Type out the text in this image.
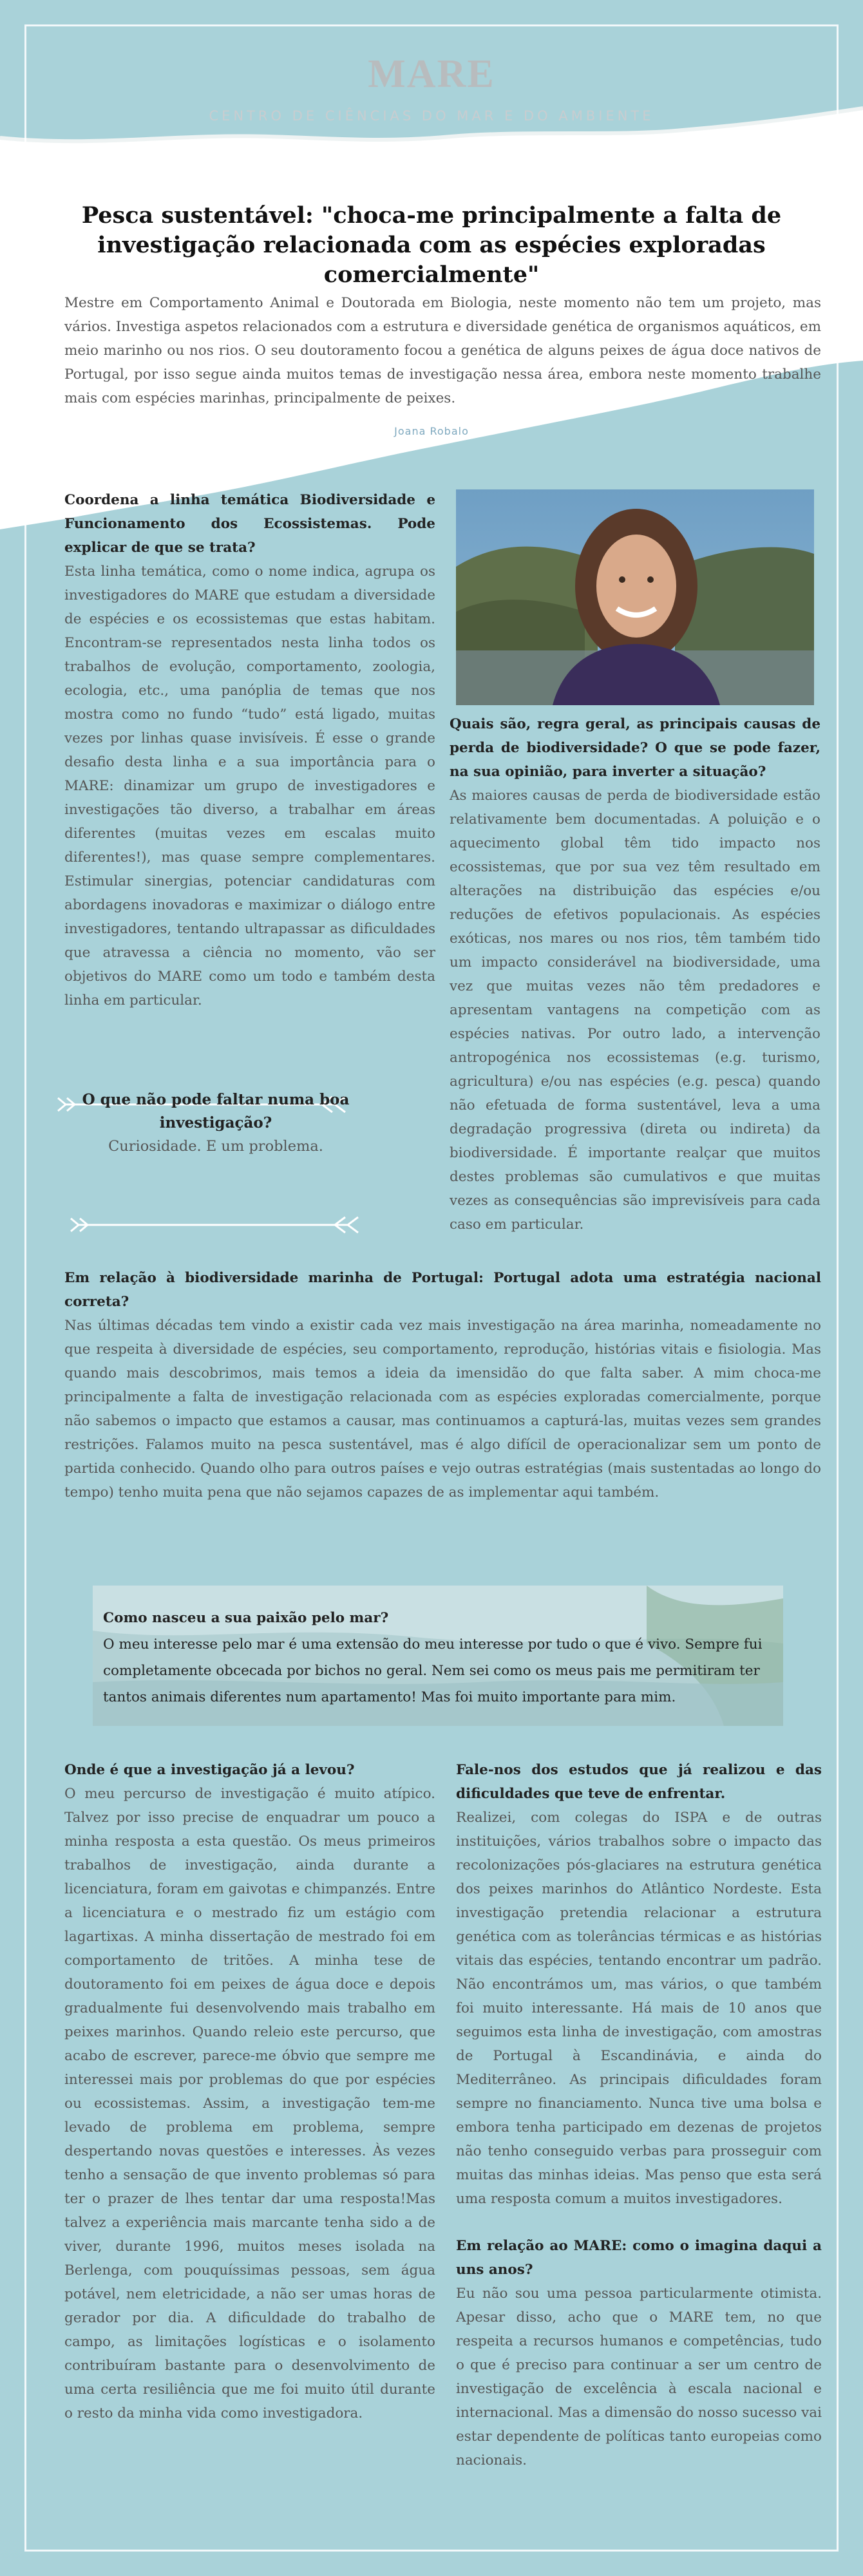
MARE
CENTRO DE CIÊNCIAS DO MAR E DO AMBIENTE
Pesca sustentável: "choca-me principalmente a falta de investigação relacionada com as espécies exploradas comercialmente"

Mestre em Comportamento Animal e Doutorada em Biologia, neste momento não tem um projeto, mas vários. Investiga aspetos relacionados com a estrutura e diversidade genética de organismos aquáticos, em meio marinho ou nos rios. O seu doutoramento focou a genética de alguns peixes de água doce nativos de Portugal, por isso segue ainda muitos temas de investigação nessa área, embora neste momento trabalhe mais com espécies marinhas, principalmente de peixes.

Joana Robalo
Coordena a linha temática Biodiversidade e Funcionamento dos Ecossistemas. Pode explicar de que se trata?
Esta linha temática, como o nome indica, agrupa os investigadores do MARE que estudam a diversidade de espécies e os ecossistemas que estas habitam. Encontram-se representados nesta linha todos os trabalhos de evolução, comportamento, zoologia, ecologia, etc., uma panóplia de temas que nos mostra como no fundo “tudo” está ligado, muitas vezes por linhas quase invisíveis. É esse o grande desafio desta linha e a sua importância para o MARE: dinamizar um grupo de investigadores e investigações tão diverso, a trabalhar em áreas diferentes (muitas vezes em escalas muito diferentes!), mas quase sempre complementares. Estimular sinergias, potenciar candidaturas com abordagens inovadoras e maximizar o diálogo entre investigadores, tentando ultrapassar as dificuldades que atravessa a ciência no momento, vão ser objetivos do MARE como um todo e também desta linha em particular.
Quais são, regra geral, as principais causas de perda de biodiversidade? O que se pode fazer, na sua opinião, para inverter a situação?
As maiores causas de perda de biodiversidade estão relativamente bem documentadas. A poluição e o aquecimento global têm tido impacto nos ecossistemas, que por sua vez têm resultado em alterações na distribuição das espécies e/ou reduções de efetivos populacionais. As espécies exóticas, nos mares ou nos rios, têm também tido um impacto considerável na biodiversidade, uma vez que muitas vezes não têm predadores e apresentam vantagens na competição com as espécies nativas. Por outro lado, a intervenção antropogénica nos ecossistemas (e.g. turismo, agricultura) e/ou nas espécies (e.g. pesca) quando não efetuada de forma sustentável, leva a uma degradação progressiva (direta ou indireta) da biodiversidade. É importante realçar que muitos destes problemas são cumulativos e que muitas vezes as consequências são imprevisíveis para cada caso em particular.
O que não pode faltar numa boa investigação?
Curiosidade. E um problema.
Em relação à biodiversidade marinha de Portugal: Portugal adota uma estratégia nacional correta?
Nas últimas décadas tem vindo a existir cada vez mais investigação na área marinha, nomeadamente no que respeita à diversidade de espécies, seu comportamento, reprodução, histórias vitais e fisiologia. Mas quando mais descobrimos, mais temos a ideia da imensidão do que falta saber. A mim choca-me principalmente a falta de investigação relacionada com as espécies exploradas comercialmente, porque não sabemos o impacto que estamos a causar, mas continuamos a capturá-las, muitas vezes sem grandes restrições. Falamos muito na pesca sustentável, mas é algo difícil de operacionalizar sem um ponto de partida conhecido. Quando olho para outros países e vejo outras estratégias (mais sustentadas ao longo do tempo) tenho muita pena que não sejamos capazes de as implementar aqui também.
Como nasceu a sua paixão pelo mar?
O meu interesse pelo mar é uma extensão do meu interesse por tudo o que é vivo. Sempre fui completamente obcecada por bichos no geral. Nem sei como os meus pais me permitiram ter tantos animais diferentes num apartamento! Mas foi muito importante para mim.
Onde é que a investigação já a levou?
O meu percurso de investigação é muito atípico. Talvez por isso precise de enquadrar um pouco a minha resposta a esta questão. Os meus primeiros trabalhos de investigação, ainda durante a licenciatura, foram em gaivotas e chimpanzés. Entre a licenciatura e o mestrado fiz um estágio com lagartixas. A minha dissertação de mestrado foi em comportamento de tritões. A minha tese de doutoramento foi em peixes de água doce e depois gradualmente fui desenvolvendo mais trabalho em peixes marinhos. Quando releio este percurso, que acabo de escrever, parece-me óbvio que sempre me interessei mais por problemas do que por espécies ou ecossistemas. Assim, a investigação tem-me levado de problema em problema, sempre despertando novas questões e interesses. Às vezes tenho a sensação de que invento problemas só para ter o prazer de lhes tentar dar uma resposta!Mas talvez a experiência mais marcante tenha sido a de viver, durante 1996, muitos meses isolada na Berlenga, com pouquíssimas pessoas, sem água potável, nem eletricidade, a não ser umas horas de gerador por dia. A dificuldade do trabalho de campo, as limitações logísticas e o isolamento contribuíram bastante para o desenvolvimento de uma certa resiliência que me foi muito útil durante o resto da minha vida como investigadora.
Fale-nos dos estudos que já realizou e das dificuldades que teve de enfrentar.
Realizei, com colegas do ISPA e de outras instituições, vários trabalhos sobre o impacto das recolonizações pós-glaciares na estrutura genética dos peixes marinhos do Atlântico Nordeste. Esta investigação pretendia relacionar a estrutura genética com as tolerâncias térmicas e as histórias vitais das espécies, tentando encontrar um padrão. Não encontrámos um, mas vários, o que também foi muito interessante. Há mais de 10 anos que seguimos esta linha de investigação, com amostras de Portugal à Escandinávia, e ainda do Mediterrâneo. As principais dificuldades foram sempre no financiamento. Nunca tive uma bolsa e embora tenha participado em dezenas de projetos não tenho conseguido verbas para prosseguir com muitas das minhas ideias. Mas penso que esta será uma resposta comum a muitos investigadores.
Em relação ao MARE: como o imagina daqui a uns anos?
Eu não sou uma pessoa particularmente otimista. Apesar disso, acho que o MARE tem, no que respeita a recursos humanos e competências, tudo o que é preciso para continuar a ser um centro de investigação de excelência à escala nacional e internacional. Mas a dimensão do nosso sucesso vai estar dependente de políticas tanto europeias como nacionais.
